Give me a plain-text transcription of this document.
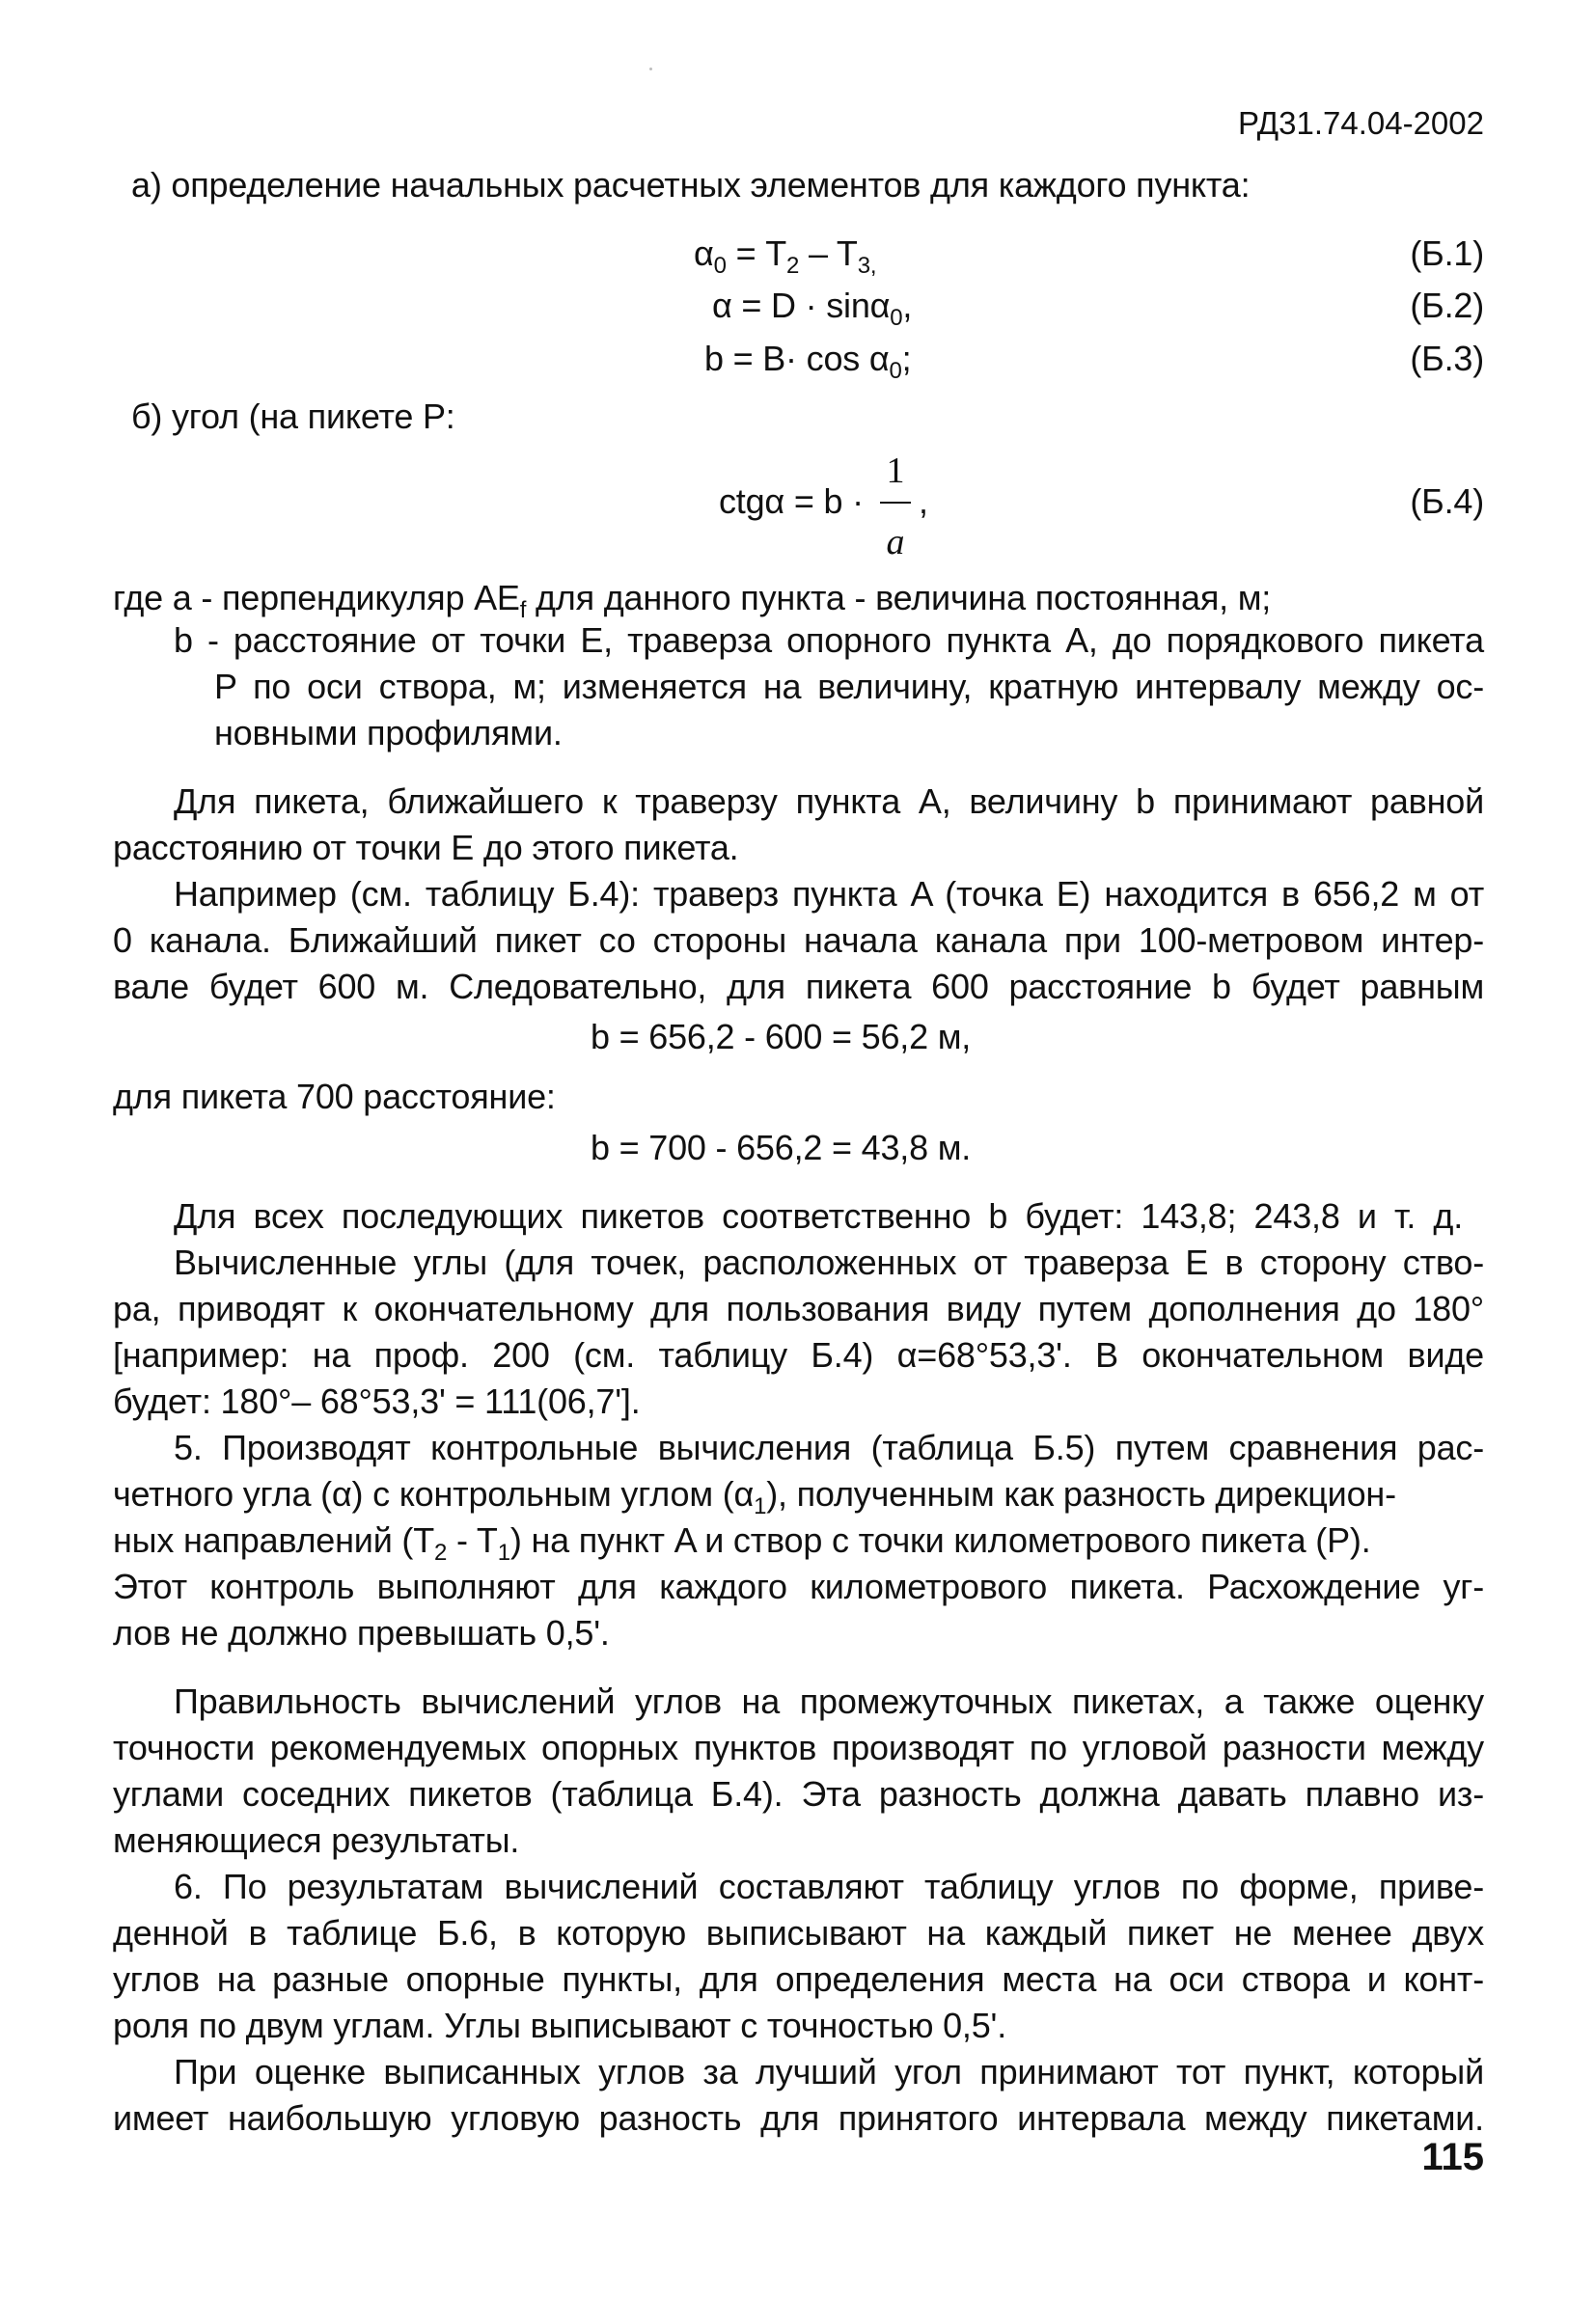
РД31.74.04-2002
а) определение начальных расчетных элементов для каждого пункта:
$\alpha_0 = T_2 - T_{3,}$	(Б.1)
α = D · sinα$_0$,	(Б.2)
$b = B\cdot \cos \alpha_0$;	(Б.3)
б) угол (на пикете P:
ctgα = b ·
1
a
,	(Б.4)
где a - перпендикуляр $AE_f$ для данного пункта - величина постоянная, м;
b - расстояние от точки E, траверза опорного пункта A, до порядкового пикета
P по оси створа, м; изменяется на величину, кратную интервалу между ос-
новными профилями.
Для пикета, ближайшего к траверзу пункта A, величину b принимают равной
расстоянию от точки E до этого пикета.
Например (см. таблицу Б.4): траверз пункта A (точка E) находится в 656,2 м от
0 канала. Ближайший пикет со стороны начала канала при 100-метровом интер-
вале будет 600 м. Следовательно, для пикета 600 расстояние b будет равным
b = 656,2 - 600 = 56,2 м,
для пикета 700 расстояние:
b = 700 - 656,2 = 43,8 м.
Для всех последующих пикетов соответственно b будет: 143,8; 243,8 и т. д.
Вычисленные углы (для точек, расположенных от траверза E в сторону ство-
ра, приводят к окончательному для пользования виду путем дополнения до 180°
[например: на проф. 200 (см. таблицу Б.4) α=68°53,3'. В окончательном виде
будет: 180°– 68°53,3' = 111(06,7'].
5. Производят контрольные вычисления (таблица Б.5) путем сравнения рас-
четного угла (α) с контрольным углом $(\alpha_1)$, полученным как разность дирекцион-
ных направлений $(T_2 - T_1)$ на пункт A и створ с точки километрового пикета (P).
Этот контроль выполняют для каждого километрового пикета. Расхождение уг-
лов не должно превышать 0,5'.
Правильность вычислений углов на промежуточных пикетах, а также оценку
точности рекомендуемых опорных пунктов производят по угловой разности между
углами соседних пикетов (таблица Б.4). Эта разность должна давать плавно из-
меняющиеся результаты.
6. По результатам вычислений составляют таблицу углов по форме, приве-
денной в таблице Б.6, в которую выписывают на каждый пикет не менее двух
углов на разные опорные пункты, для определения места на оси створа и конт-
роля по двум углам. Углы выписывают с точностью 0,5'.
При оценке выписанных углов за лучший угол принимают тот пункт, который
имеет наибольшую угловую разность для принятого интервала между пикетами.
115
